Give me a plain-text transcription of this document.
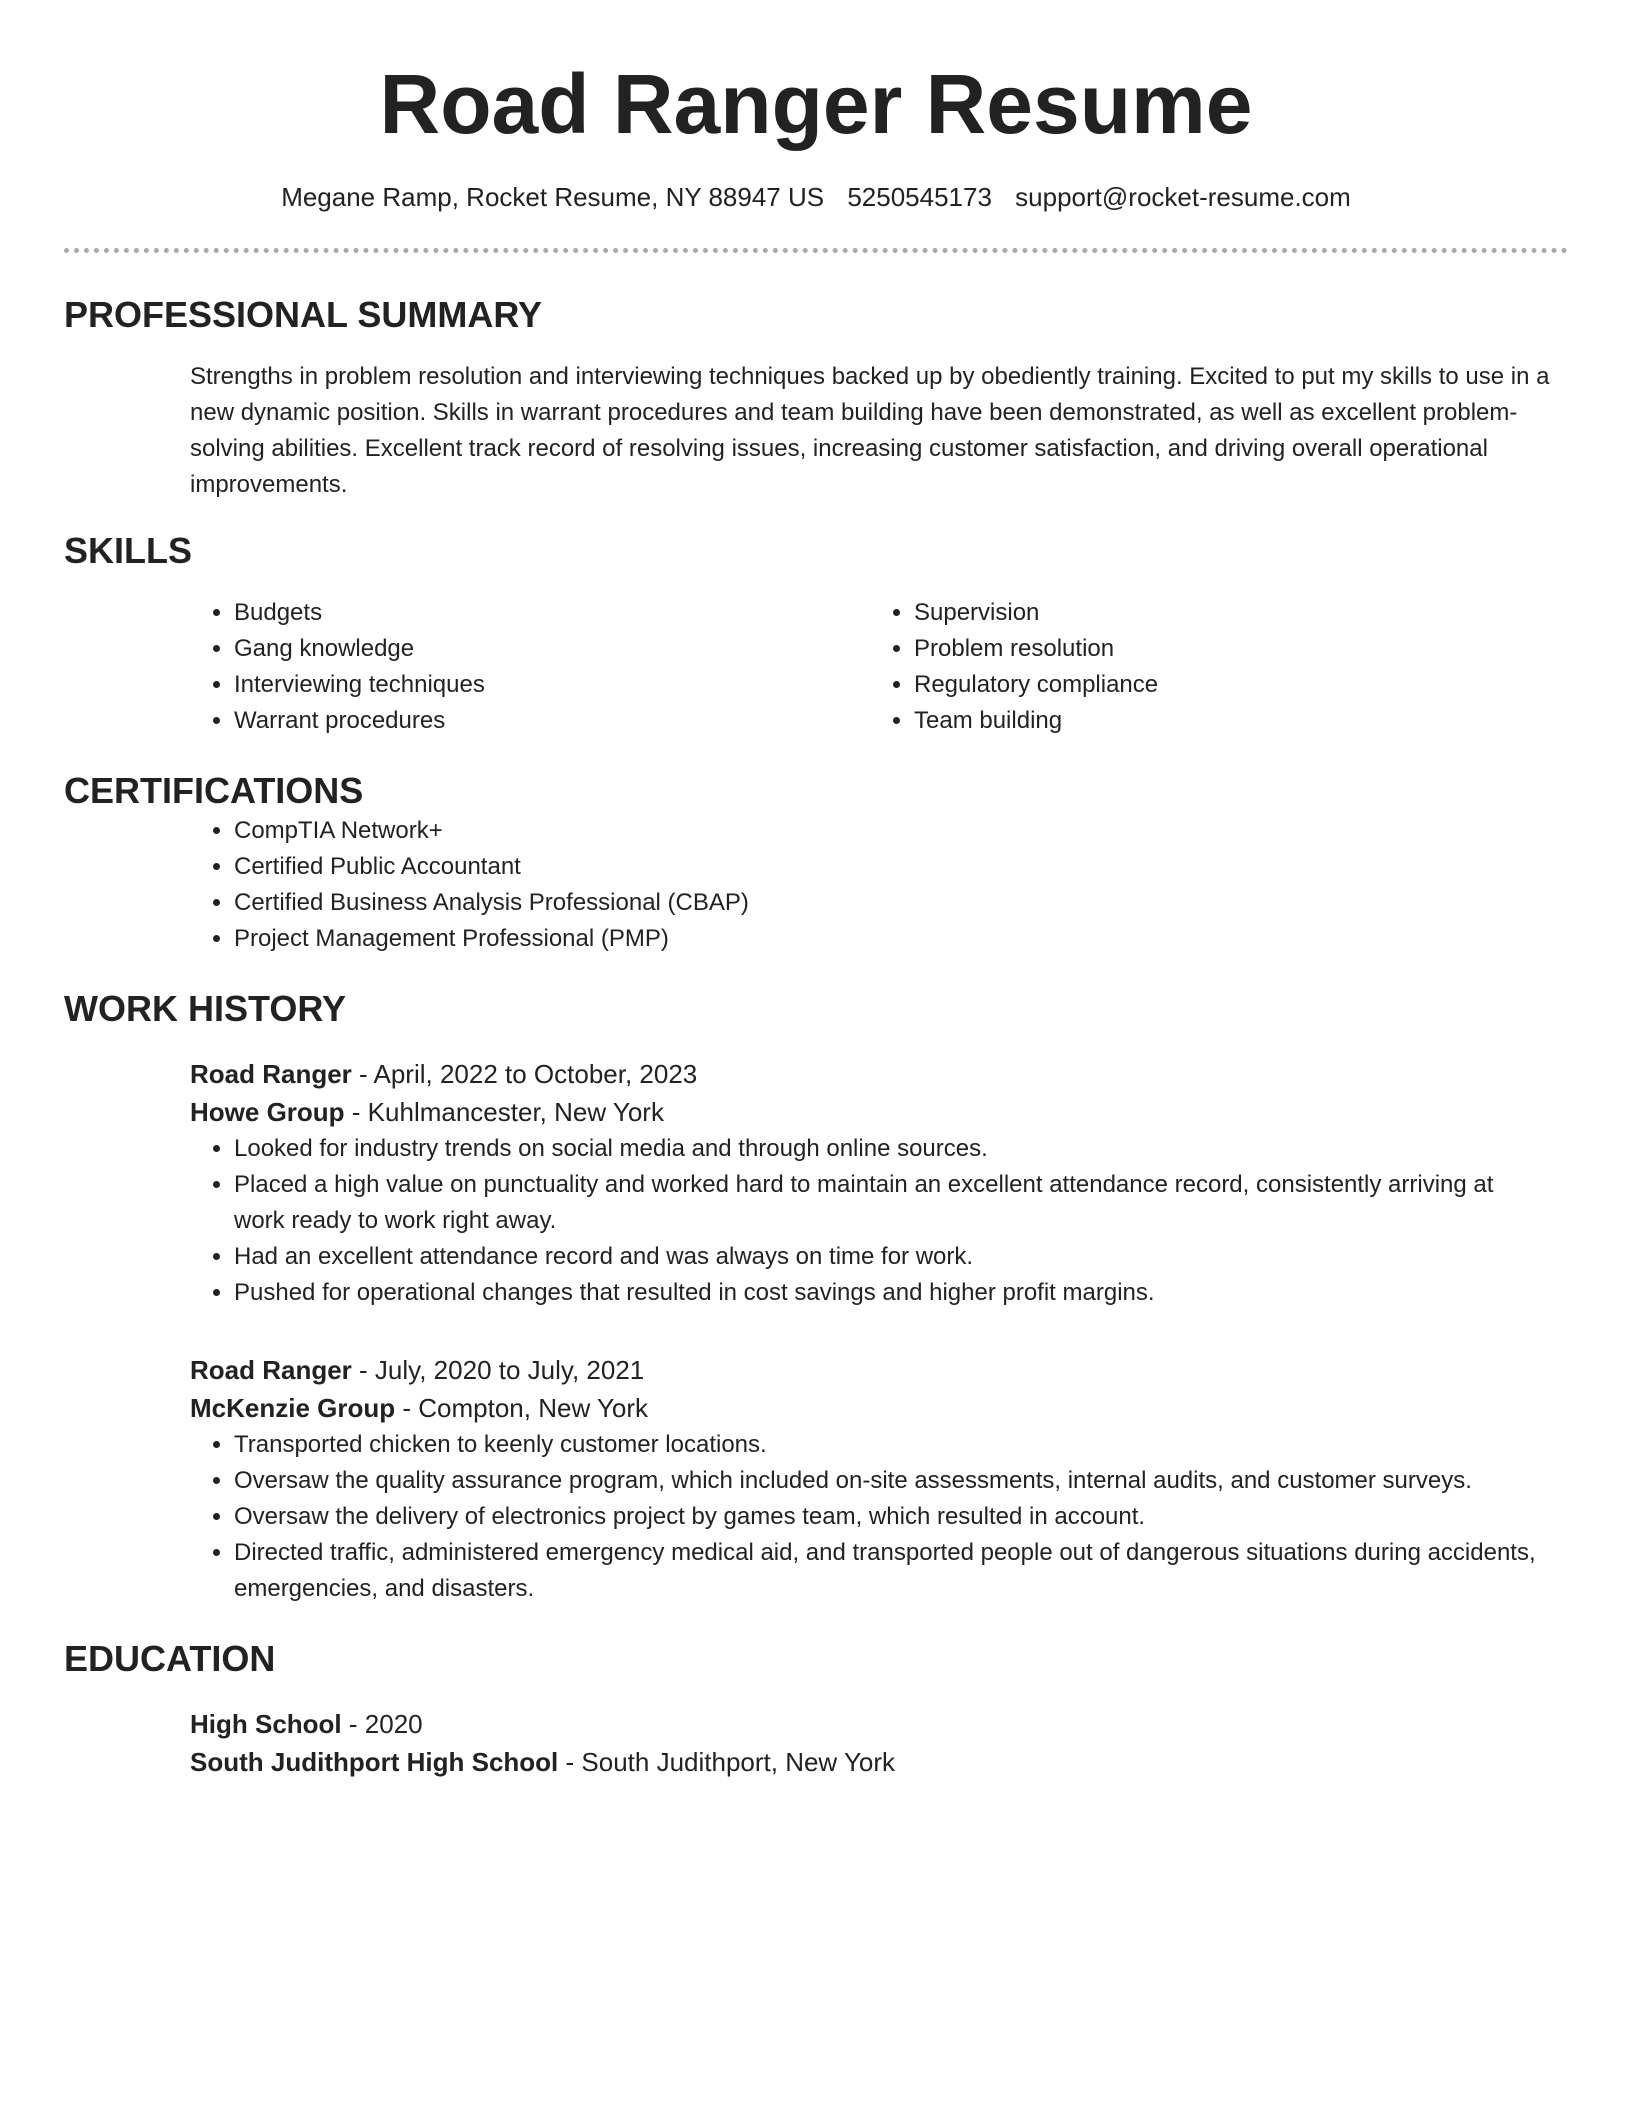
Road Ranger Resume
Megane Ramp, Rocket Resume, NY 88947 US 5250545173 support@rocket-resume.com
PROFESSIONAL SUMMARY

Strengths in problem resolution and interviewing techniques backed up by obediently training. Excited to put my skills to use in a new dynamic position. Skills in warrant procedures and team building have been demonstrated, as well as excellent problem-solving abilities. Excellent track record of resolving issues, increasing customer satisfaction, and driving overall operational improvements.

SKILLS
• Budgets
• Gang knowledge
• Interviewing techniques
• Warrant procedures
• Supervision
• Problem resolution
• Regulatory compliance
• Team building
CERTIFICATIONS
• CompTIA Network+
• Certified Public Accountant
• Certified Business Analysis Professional (CBAP)
• Project Management Professional (PMP)
WORK HISTORY
Road Ranger - April, 2022 to October, 2023
Howe Group - Kuhlmancester, New York
• Looked for industry trends on social media and through online sources.
• Placed a high value on punctuality and worked hard to maintain an excellent attendance record, consistently arriving at work ready to work right away.
• Had an excellent attendance record and was always on time for work.
• Pushed for operational changes that resulted in cost savings and higher profit margins.
Road Ranger - July, 2020 to July, 2021
McKenzie Group - Compton, New York
• Transported chicken to keenly customer locations.
• Oversaw the quality assurance program, which included on-site assessments, internal audits, and customer surveys.
• Oversaw the delivery of electronics project by games team, which resulted in account.
• Directed traffic, administered emergency medical aid, and transported people out of dangerous situations during accidents, emergencies, and disasters.
EDUCATION
High School - 2020
South Judithport High School - South Judithport, New York
